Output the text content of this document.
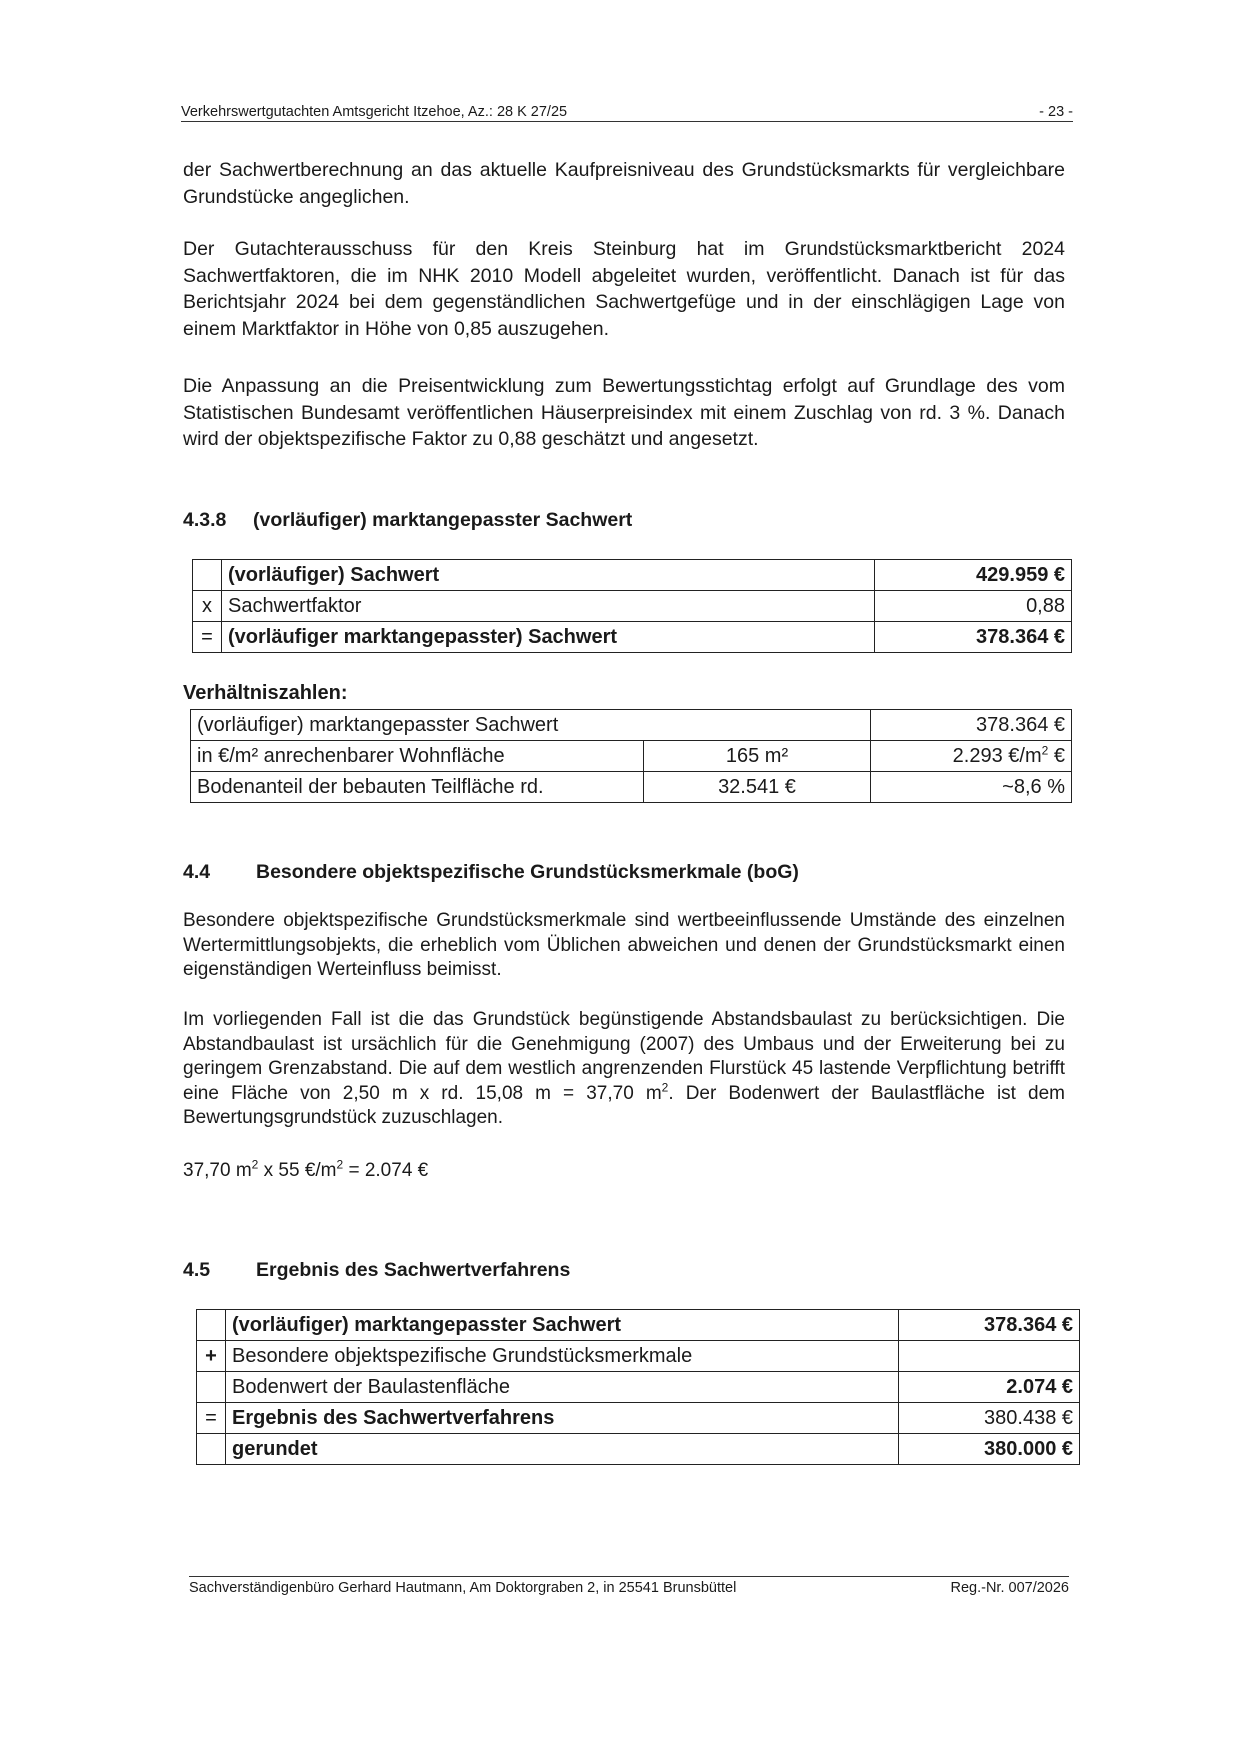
Verkehrswertgutachten Amtsgericht Itzehoe, Az.: 28 K 27/25	- 23 -

der Sachwertberechnung an das aktuelle Kaufpreisniveau des Grundstücksmarkts für vergleichbare Grundstücke angeglichen.

Der Gutachterausschuss für den Kreis Steinburg hat im Grundstücksmarktbericht 2024 Sachwertfaktoren, die im NHK 2010 Modell abgeleitet wurden, veröffentlicht. Danach ist für das Berichtsjahr 2024 bei dem gegenständlichen Sachwertgefüge und in der einschlägigen Lage von einem Marktfaktor in Höhe von 0,85 auszugehen.

Die Anpassung an die Preisentwicklung zum Bewertungsstichtag erfolgt auf Grundlage des vom Statistischen Bundesamt veröffentlichen Häuserpreisindex mit einem Zuschlag von rd. 3 %. Danach wird der objektspezifische Faktor zu 0,88 geschätzt und angesetzt.

4.3.8	(vorläufiger) marktangepasster Sachwert
	(vorläufiger) Sachwert	429.959 €
x	Sachwertfaktor	0,88
=	(vorläufiger marktangepasster) Sachwert	378.364 €
Verhältniszahlen:
(vorläufiger) marktangepasster Sachwert		378.364 €
in €/m² anrechenbarer Wohnfläche	165 m²	2.293 $€/m^2$ €
Bodenanteil der bebauten Teilfläche rd.	32.541 €	~8,6 %
4.4	Besondere objektspezifische Grundstücksmerkmale (boG)

Besondere objektspezifische Grundstücksmerkmale sind wertbeeinflussende Umstände des einzelnen Wertermittlungsobjekts, die erheblich vom Üblichen abweichen und denen der Grundstücksmarkt einen eigenständigen Werteinfluss beimisst.

Im vorliegenden Fall ist die das Grundstück begünstigende Abstandsbaulast zu berücksichtigen. Die Abstandbaulast ist ursächlich für die Genehmigung (2007) des Umbaus und der Erweiterung bei zu geringem Grenzabstand. Die auf dem westlich angrenzenden Flurstück 45 lastende Verpflichtung betrifft eine Fläche von 2,50 m x rd. 15,08 m = 37,70 $m^2$. Der Bodenwert der Baulastfläche ist dem Bewertungsgrundstück zuzuschlagen.

37,70 $m^2$ x 55 $€/m^2 = 2.074$ €

4.5	Ergebnis des Sachwertverfahrens
	(vorläufiger) marktangepasster Sachwert	378.364 €
+	Besondere objektspezifische Grundstücksmerkmale	
	Bodenwert der Baulastenfläche	2.074 €
=	Ergebnis des Sachwertverfahrens	380.438 €
	gerundet	380.000 €
Sachverständigenbüro Gerhard Hautmann, Am Doktorgraben 2, in 25541 Brunsbüttel	Reg.-Nr. 007/2026
